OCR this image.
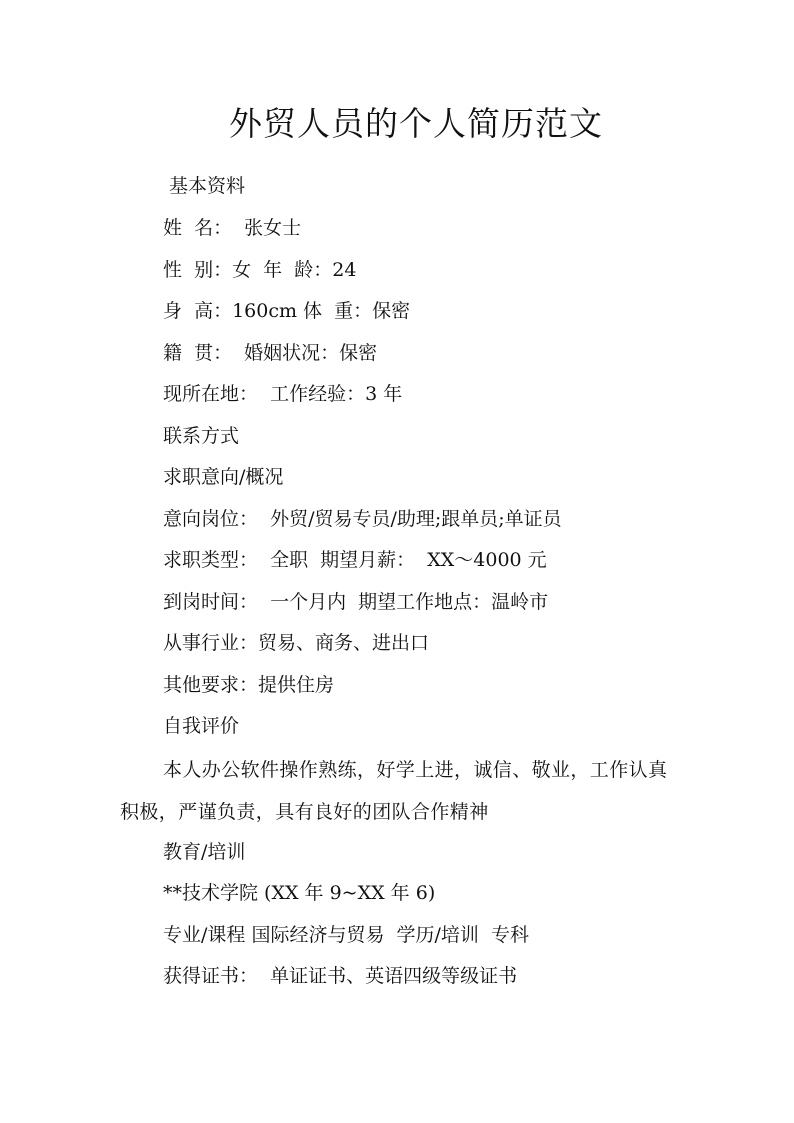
外贸人员的个人简历范文
基本资料
姓  名：  张女士
性  别：女  年  龄：24
身  高：160cm 体  重：保密
籍  贯：  婚姻状况：保密
现所在地：  工作经验：3 年
联系方式
求职意向/概况
意向岗位：  外贸/贸易专员/助理;跟单员;单证员
求职类型：  全职  期望月薪：  XX～4000 元
到岗时间：  一个月内  期望工作地点：温岭市
从事行业：贸易、商务、进出口
其他要求：提供住房
自我评价
本人办公软件操作熟练，好学上进，诚信、敬业，工作认真积极，严谨负责，具有良好的团队合作精神
教育/培训
**技术学院 (XX 年 9~XX 年 6)
专业/课程 国际经济与贸易  学历/培训  专科
获得证书：  单证证书、英语四级等级证书
